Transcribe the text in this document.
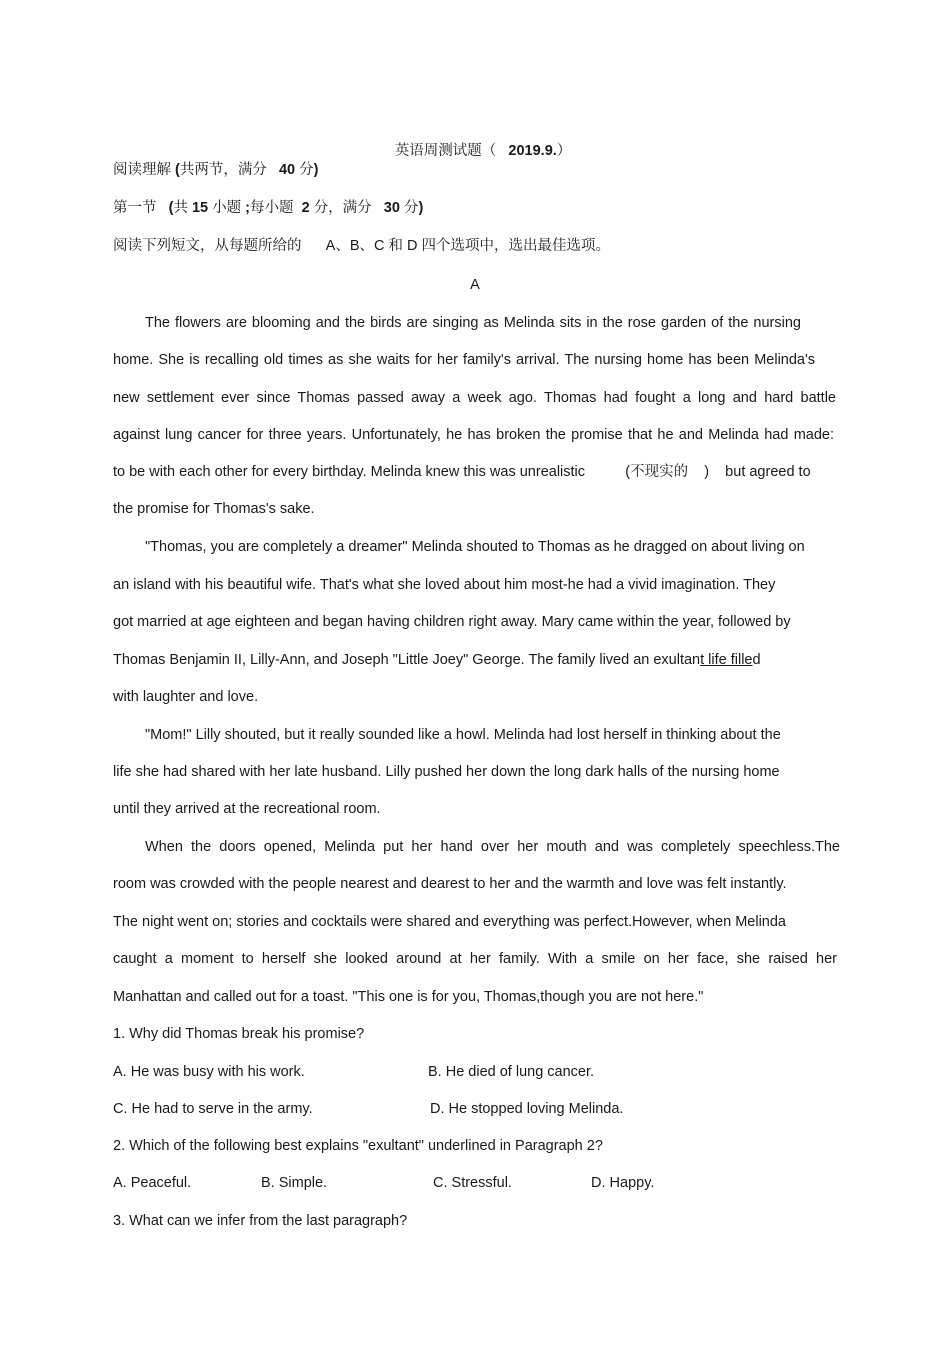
英语周测试题（ 2019.9.）

阅读理解 (共两节，满分 40 分)
第一节 (共 15 小题 ;每小题 2 分，满分 30 分)
阅读下列短文，从每题所给的      A、B、C 和 D 四个选项中，选出最佳选项。
A
The flowers are blooming and the birds are singing as Melinda sits in the rose garden of the nursing
home. She is recalling old times as she waits for her family's arrival. The nursing home has been Melinda's
new settlement ever since Thomas passed away a week ago. Thomas had fought a long and hard battle
against lung cancer for three years. Unfortunately, he has broken the promise that he and Melinda had made:
to be with each other for every birthday. Melinda knew this was unrealistic          (不现实的    )    but agreed to
the promise for Thomas's sake.
"Thomas, you are completely a dreamer" Melinda shouted to Thomas as he dragged on about living on
an island with his beautiful wife. That's what she loved about him most-he had a vivid imagination. They
got married at age eighteen and began having children right away. Mary came within the year, followed by
Thomas Benjamin II, Lilly-Ann, and Joseph "Little Joey" George. The family lived an exultant life filled
with laughter and love.
"Mom!" Lilly shouted, but it really sounded like a howl. Melinda had lost herself in thinking about the
life she had shared with her late husband. Lilly pushed her down the long dark halls of the nursing home
until they arrived at the recreational room.
When the doors opened, Melinda put her hand over her mouth and was completely speechless.The
room was crowded with the people nearest and dearest to her and the warmth and love was felt instantly.
The night went on; stories and cocktails were shared and everything was perfect.However, when Melinda
caught a moment to herself she looked around at her family. With a smile on her face, she raised her
Manhattan and called out for a toast. "This one is for you, Thomas,though you are not here."
1. Why did Thomas break his promise?
A. He was busy with his work.	B. He died of lung cancer.
C. He had to serve in the army.	D. He stopped loving Melinda.
2. Which of the following best explains "exultant" underlined in Paragraph 2?
A. Peaceful.	B. Simple.	C. Stressful.	D. Happy.
3. What can we infer from the last paragraph?
